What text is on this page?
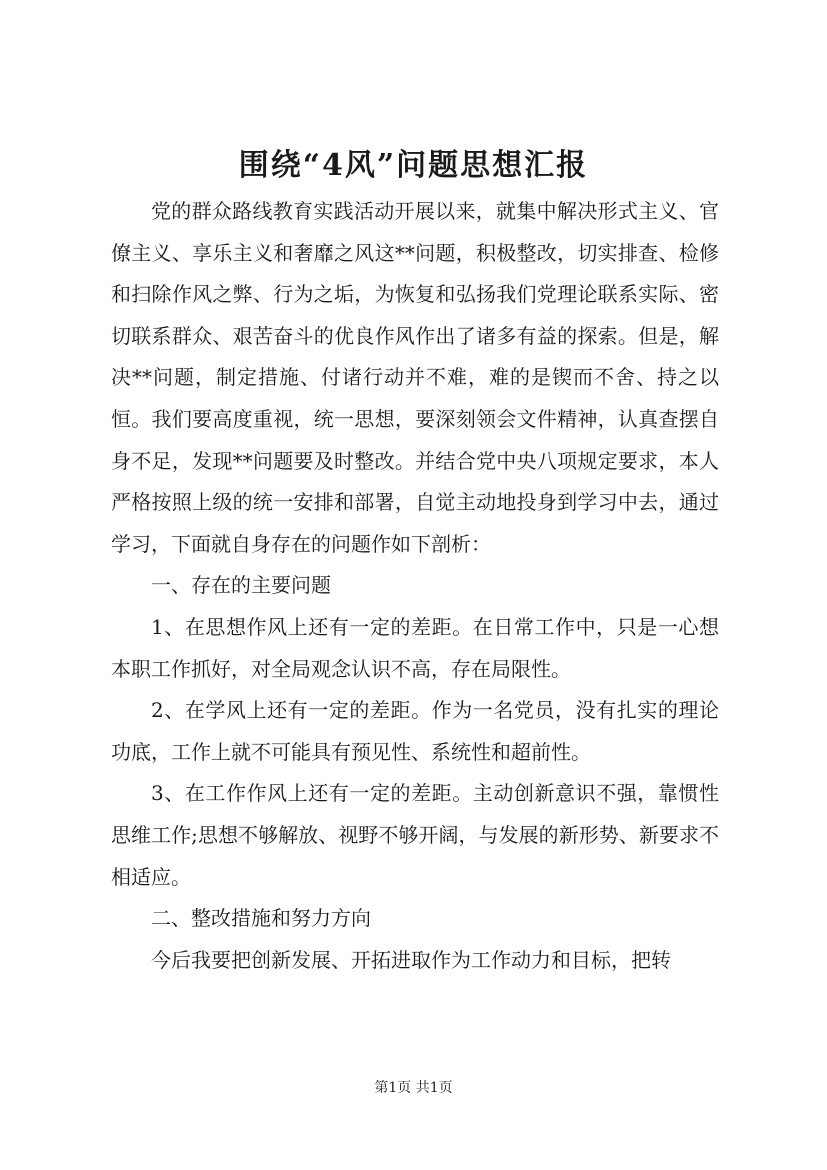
围绕“4风”问题思想汇报

党的群众路线教育实践活动开展以来，就集中解决形式主义、官僚主义、享乐主义和奢靡之风这**问题，积极整改，切实排查、检修和扫除作风之弊、行为之垢，为恢复和弘扬我们党理论联系实际、密切联系群众、艰苦奋斗的优良作风作出了诸多有益的探索。但是，解决**问题，制定措施、付诸行动并不难，难的是锲而不舍、持之以恒。我们要高度重视，统一思想，要深刻领会文件精神，认真查摆自身不足，发现**问题要及时整改。并结合党中央八项规定要求，本人严格按照上级的统一安排和部署，自觉主动地投身到学习中去，通过学习，下面就自身存在的问题作如下剖析：

一、存在的主要问题

1、在思想作风上还有一定的差距。在日常工作中，只是一心想本职工作抓好，对全局观念认识不高，存在局限性。

2、在学风上还有一定的差距。作为一名党员，没有扎实的理论功底，工作上就不可能具有预见性、系统性和超前性。

3、在工作作风上还有一定的差距。主动创新意识不强，靠惯性思维工作;思想不够解放、视野不够开阔，与发展的新形势、新要求不相适应。

二、整改措施和努力方向

今后我要把创新发展、开拓进取作为工作动力和目标，把转

第1页 共1页
